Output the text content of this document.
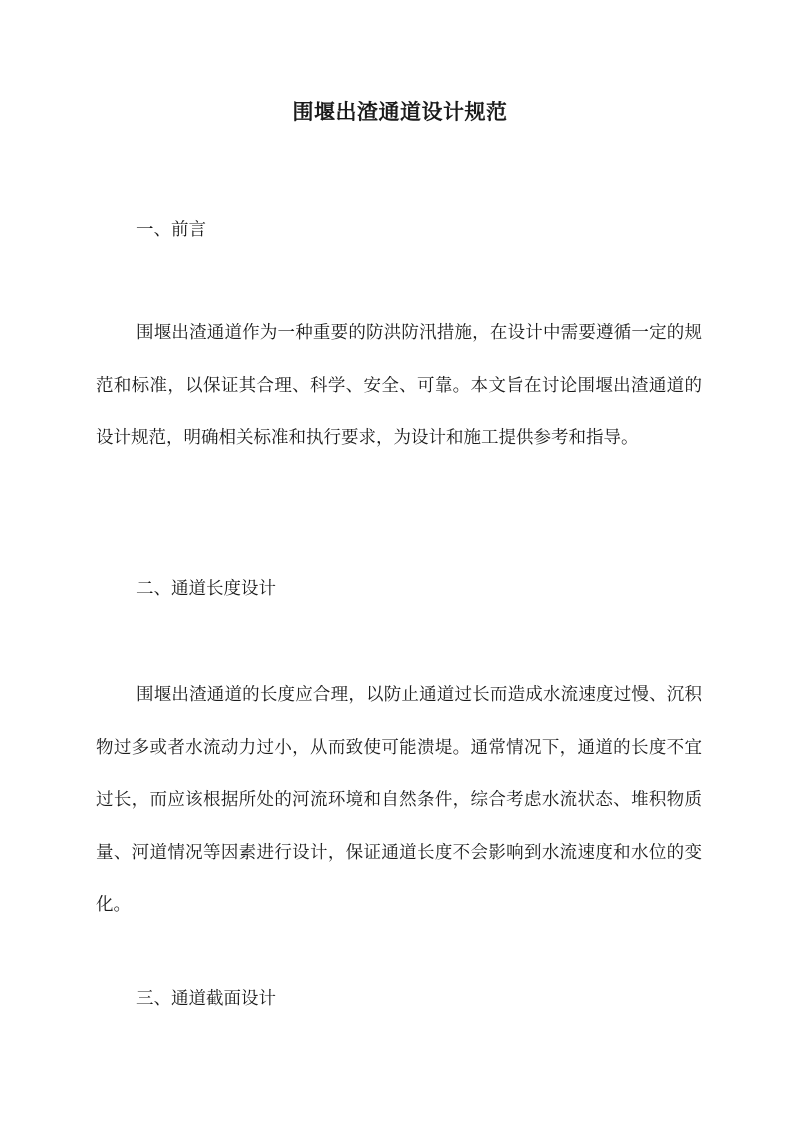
围堰出渣通道设计规范
一、前言
围堰出渣通道作为一种重要的防洪防汛措施，在设计中需要遵循一定的规范和标准，以保证其合理、科学、安全、可靠。本文旨在讨论围堰出渣通道的设计规范，明确相关标准和执行要求，为设计和施工提供参考和指导。
二、通道长度设计
围堰出渣通道的长度应合理，以防止通道过长而造成水流速度过慢、沉积物过多或者水流动力过小，从而致使可能溃堤。通常情况下，通道的长度不宜过长，而应该根据所处的河流环境和自然条件，综合考虑水流状态、堆积物质量、河道情况等因素进行设计，保证通道长度不会影响到水流速度和水位的变化。
三、通道截面设计
